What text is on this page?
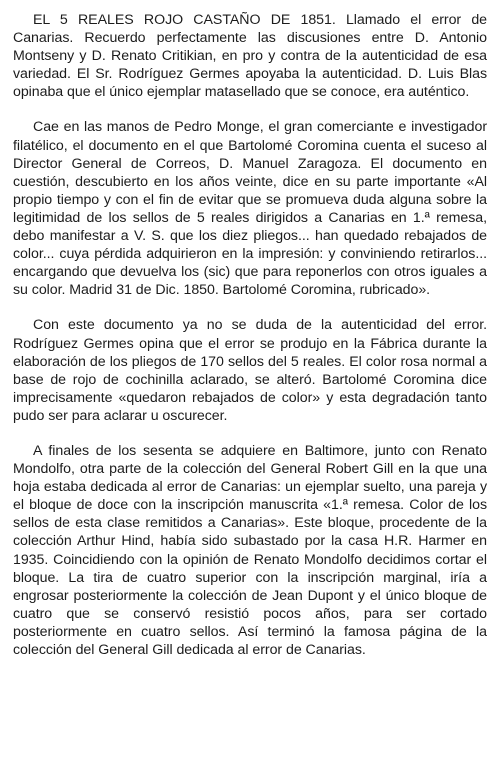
EL 5 REALES ROJO CASTAÑO DE 1851. Llamado el error de Canarias. Recuerdo perfectamente las discusiones entre D. Antonio Montseny y D. Renato Critikian, en pro y contra de la autenticidad de esa variedad. El Sr. Rodríguez Germes apoyaba la autenticidad. D. Luis Blas opinaba que el único ejemplar matasellado que se conoce, era auténtico.

Cae en las manos de Pedro Monge, el gran comerciante e investigador filatélico, el documento en el que Bartolomé Coromina cuenta el suceso al Director General de Correos, D. Manuel Zaragoza. El documento en cuestión, descubierto en los años veinte, dice en su parte importante «Al propio tiempo y con el fin de evitar que se promueva duda alguna sobre la legitimidad de los sellos de 5 reales dirigidos a Canarias en 1.ª remesa, debo manifestar a V. S. que los diez pliegos... han quedado rebajados de color... cuya pérdida adquirieron en la impresión: y conviniendo retirarlos... encargando que devuelva los (sic) que para reponerlos con otros iguales a su color. Madrid 31 de Dic. 1850. Bartolomé Coromina, rubricado».

Con este documento ya no se duda de la autenticidad del error. Rodríguez Germes opina que el error se produjo en la Fábrica durante la elaboración de los pliegos de 170 sellos del 5 reales. El color rosa normal a base de rojo de cochinilla aclarado, se alteró. Bartolomé Coromina dice imprecisamente «quedaron rebajados de color» y esta degradación tanto pudo ser para aclarar u oscurecer.

A finales de los sesenta se adquiere en Baltimore, junto con Renato Mondolfo, otra parte de la colección del General Robert Gill en la que una hoja estaba dedicada al error de Canarias: un ejemplar suelto, una pareja y el bloque de doce con la inscripción manuscrita «1.ª remesa. Color de los sellos de esta clase remitidos a Canarias». Este bloque, procedente de la colección Arthur Hind, había sido subastado por la casa H.R. Harmer en 1935. Coincidiendo con la opinión de Renato Mondolfo decidimos cortar el bloque. La tira de cuatro superior con la inscripción marginal, iría a engrosar posteriormente la colección de Jean Dupont y el único bloque de cuatro que se conservó resistió pocos años, para ser cortado posteriormente en cuatro sellos. Así terminó la famosa página de la colección del General Gill dedicada al error de Canarias.
